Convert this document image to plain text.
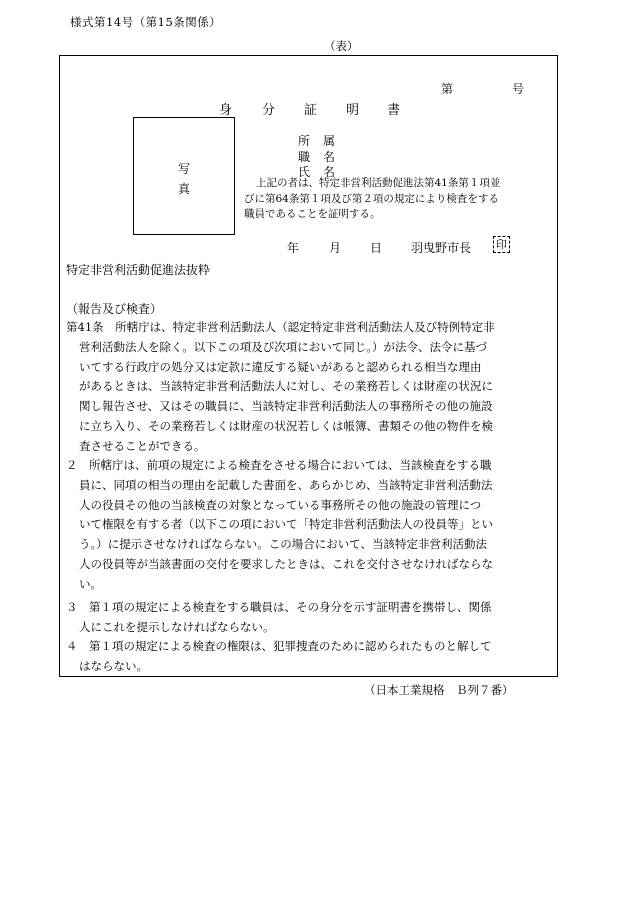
様式第14号（第15条関係）
（表）
第	号
身 分 証 明 書
写
真
所 属
職 名
氏 名
上記の者は、特定非営利活動促進法第41条第１項並
びに第64条第１項及び第２項の規定により検査をする
職員であることを証明する。
年 月 日 羽曳野市長 印
特定非営利活動促進法抜粋
（報告及び検査）
第41条　所轄庁は、特定非営利活動法人（認定特定非営利活動法人及び特例特定非
営利活動法人を除く。以下この項及び次項において同じ。）が法令、法令に基づ
いてする行政庁の処分又は定款に違反する疑いがあると認められる相当な理由
があるときは、当該特定非営利活動法人に対し、その業務若しくは財産の状況に
関し報告させ、又はその職員に、当該特定非営利活動法人の事務所その他の施設
に立ち入り、その業務若しくは財産の状況若しくは帳簿、書類その他の物件を検
査させることができる。
２　所轄庁は、前項の規定による検査をさせる場合においては、当該検査をする職
員に、同項の相当の理由を記載した書面を、あらかじめ、当該特定非営利活動法
人の役員その他の当該検査の対象となっている事務所その他の施設の管理につ
いて権限を有する者（以下この項において「特定非営利活動法人の役員等」とい
う。）に提示させなければならない。この場合において、当該特定非営利活動法
人の役員等が当該書面の交付を要求したときは、これを交付させなければならな
い。
３　第１項の規定による検査をする職員は、その身分を示す証明書を携帯し、関係
人にこれを提示しなければならない。
４　第１項の規定による検査の権限は、犯罪捜査のために認められたものと解して
はならない。
（日本工業規格　Ｂ列７番）
